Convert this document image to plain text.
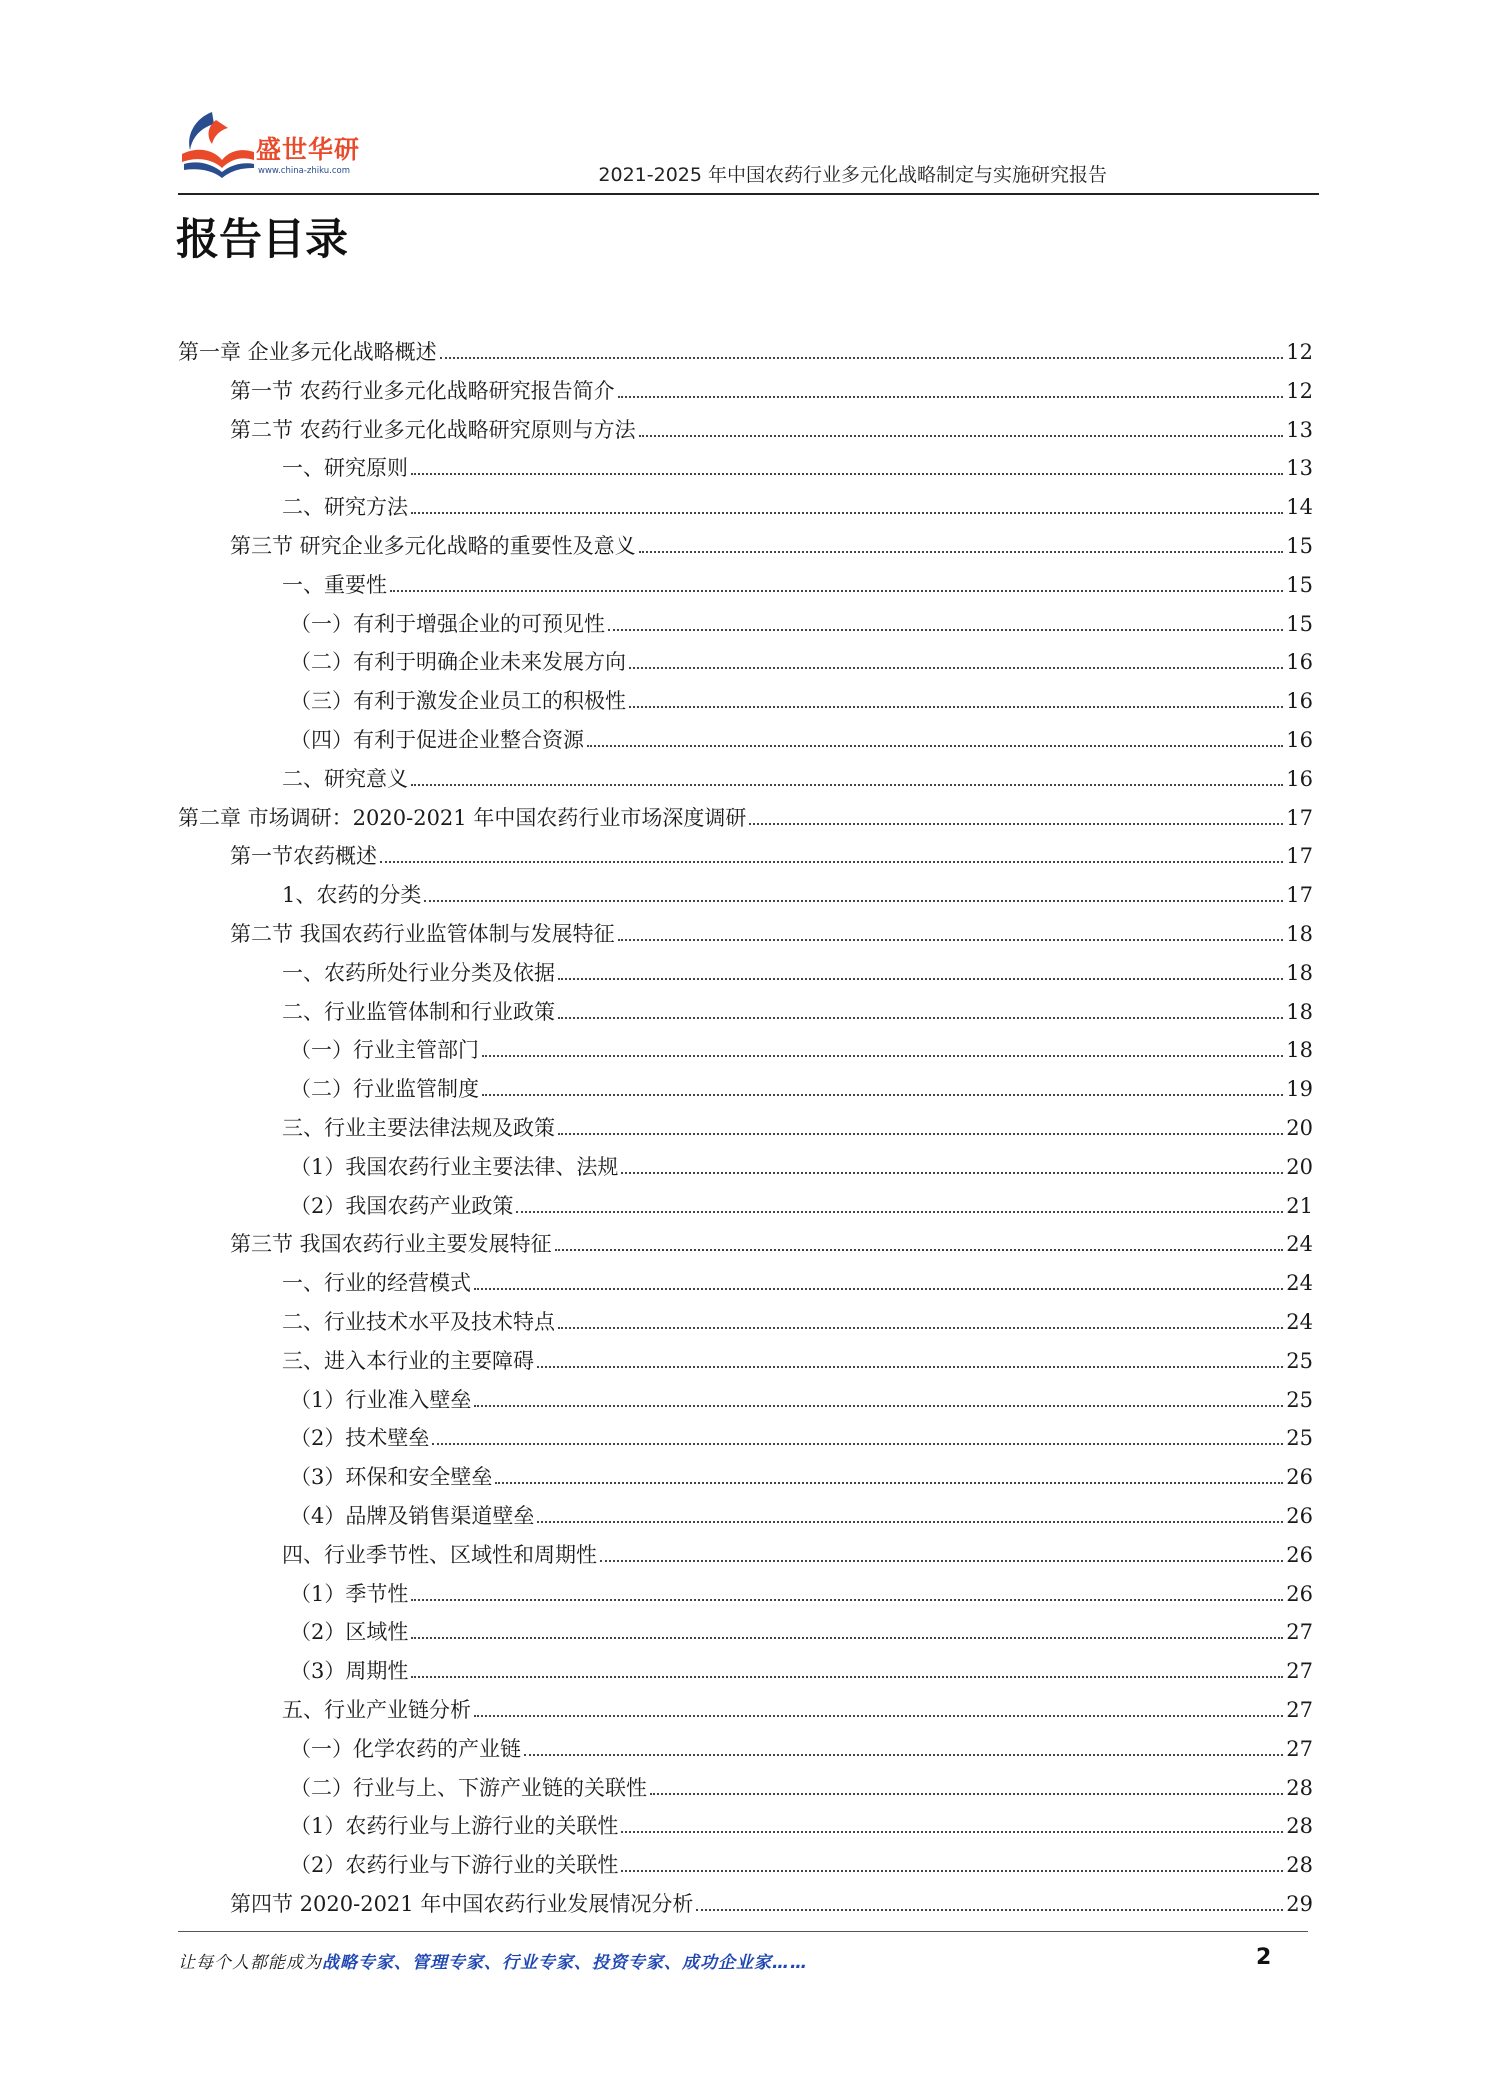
盛世华研
www.china-zhiku.com	2021-2025 年中国农药行业多元化战略制定与实施研究报告
报告目录
第一章 企业多元化战略概述	12
第一节 农药行业多元化战略研究报告简介	12
第二节 农药行业多元化战略研究原则与方法	13
一、研究原则	13
二、研究方法	14
第三节 研究企业多元化战略的重要性及意义	15
一、重要性	15
（一）有利于增强企业的可预见性	15
（二）有利于明确企业未来发展方向	16
（三）有利于激发企业员工的积极性	16
（四）有利于促进企业整合资源	16
二、研究意义	16
第二章 市场调研：2020-2021 年中国农药行业市场深度调研	17
第一节农药概述	17
1、农药的分类	17
第二节 我国农药行业监管体制与发展特征	18
一、农药所处行业分类及依据	18
二、行业监管体制和行业政策	18
（一）行业主管部门	18
（二）行业监管制度	19
三、行业主要法律法规及政策	20
（1）我国农药行业主要法律、法规	20
（2）我国农药产业政策	21
第三节 我国农药行业主要发展特征	24
一、行业的经营模式	24
二、行业技术水平及技术特点	24
三、进入本行业的主要障碍	25
（1）行业准入壁垒	25
（2）技术壁垒	25
（3）环保和安全壁垒	26
（4）品牌及销售渠道壁垒	26
四、行业季节性、区域性和周期性	26
（1）季节性	26
（2）区域性	27
（3）周期性	27
五、行业产业链分析	27
（一）化学农药的产业链	27
（二）行业与上、下游产业链的关联性	28
（1）农药行业与上游行业的关联性	28
（2）农药行业与下游行业的关联性	28
第四节 2020-2021 年中国农药行业发展情况分析	29
让每个人都能成为战略专家、管理专家、行业专家、投资专家、成功企业家……	2
